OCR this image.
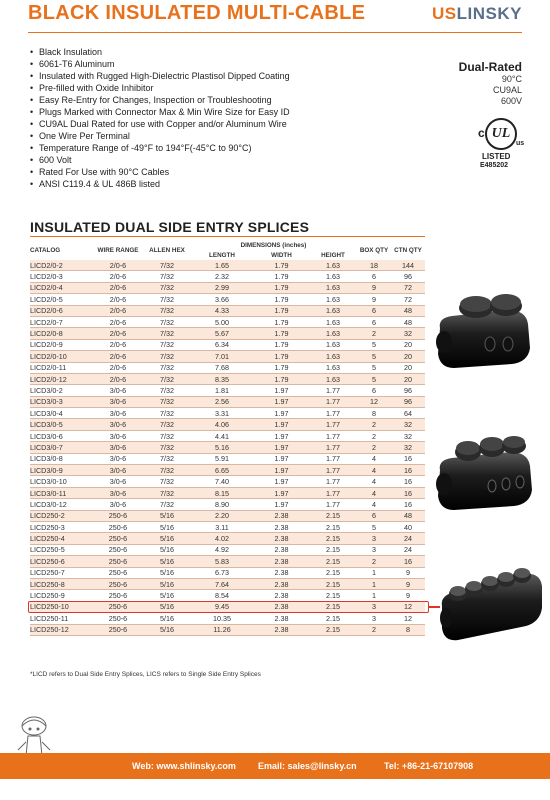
BLACK INSULATED MULTI-CABLE	USLINSKY
• Black Insulation
• 6061-T6 Aluminum
• Insulated with Rugged High-Dielectric Plastisol Dipped Coating
• Pre-filled with Oxide Inhibitor
• Easy Re-Entry for Changes, Inspection or Troubleshooting
• Plugs Marked with Connector Max & Min Wire Size for Easy ID
• CU9AL Dual Rated for use with Copper and/or Aluminum Wire
• One Wire Per Terminal
• Temperature Range of -49°F to 194°F(-45°C to 90°C)
• 600 Volt
• Rated For Use with 90°C Cables
• ANSI C119.4 & UL 486B listed
Dual-Rated
90°C
CU9AL
600V
c UL
us
LISTED
E485202
INSULATED DUAL SIDE ENTRY SPLICES
CATALOG	WIRE RANGE	ALLEN HEX	DIMENSIONS (inches)			BOX QTY	CTN QTY
			LENGTH	WIDTH	HEIGHT		
LICD2/0-2	2/0-6	7/32	1.65	1.79	1.63	18	144
LICD2/0-3	2/0-6	7/32	2.32	1.79	1.63	6	96
LICD2/0-4	2/0-6	7/32	2.99	1.79	1.63	9	72
LICD2/0-5	2/0-6	7/32	3.66	1.79	1.63	9	72
LICD2/0-6	2/0-6	7/32	4.33	1.79	1.63	6	48
LICD2/0-7	2/0-6	7/32	5.00	1.79	1.63	6	48
LICD2/0-8	2/0-6	7/32	5.67	1.79	1.63	2	32
LICD2/0-9	2/0-6	7/32	6.34	1.79	1.63	5	20
LICD2/0-10	2/0-6	7/32	7.01	1.79	1.63	5	20
LICD2/0-11	2/0-6	7/32	7.68	1.79	1.63	5	20
LICD2/0-12	2/0-6	7/32	8.35	1.79	1.63	5	20
LICD3/0-2	3/0-6	7/32	1.81	1.97	1.77	6	96
LICD3/0-3	3/0-6	7/32	2.56	1.97	1.77	12	96
LICD3/0-4	3/0-6	7/32	3.31	1.97	1.77	8	64
LICD3/0-5	3/0-6	7/32	4.06	1.97	1.77	2	32
LICD3/0-6	3/0-6	7/32	4.41	1.97	1.77	2	32
LICD3/0-7	3/0-6	7/32	5.16	1.97	1.77	2	32
LICD3/0-8	3/0-6	7/32	5.91	1.97	1.77	4	16
LICD3/0-9	3/0-6	7/32	6.65	1.97	1.77	4	16
LICD3/0-10	3/0-6	7/32	7.40	1.97	1.77	4	16
LICD3/0-11	3/0-6	7/32	8.15	1.97	1.77	4	16
LICD3/0-12	3/0-6	7/32	8.90	1.97	1.77	4	16
LICD250-2	250-6	5/16	2.20	2.38	2.15	6	48
LICD250-3	250-6	5/16	3.11	2.38	2.15	5	40
LICD250-4	250-6	5/16	4.02	2.38	2.15	3	24
LICD250-5	250-6	5/16	4.92	2.38	2.15	3	24
LICD250-6	250-6	5/16	5.83	2.38	2.15	2	16
LICD250-7	250-6	5/16	6.73	2.38	2.15	1	9
LICD250-8	250-6	5/16	7.64	2.38	2.15	1	9
LICD250-9	250-6	5/16	8.54	2.38	2.15	1	9
LICD250-10	250-6	5/16	9.45	2.38	2.15	3	12
LICD250-11	250-6	5/16	10.35	2.38	2.15	3	12
LICD250-12	250-6	5/16	11.26	2.38	2.15	2	8
*LICD refers to Dual Side Entry Splices, LICS refers to Single Side Entry Splices
Web: www.shlinsky.com Email: sales@linsky.cn	Tel: +86-21-67107908
